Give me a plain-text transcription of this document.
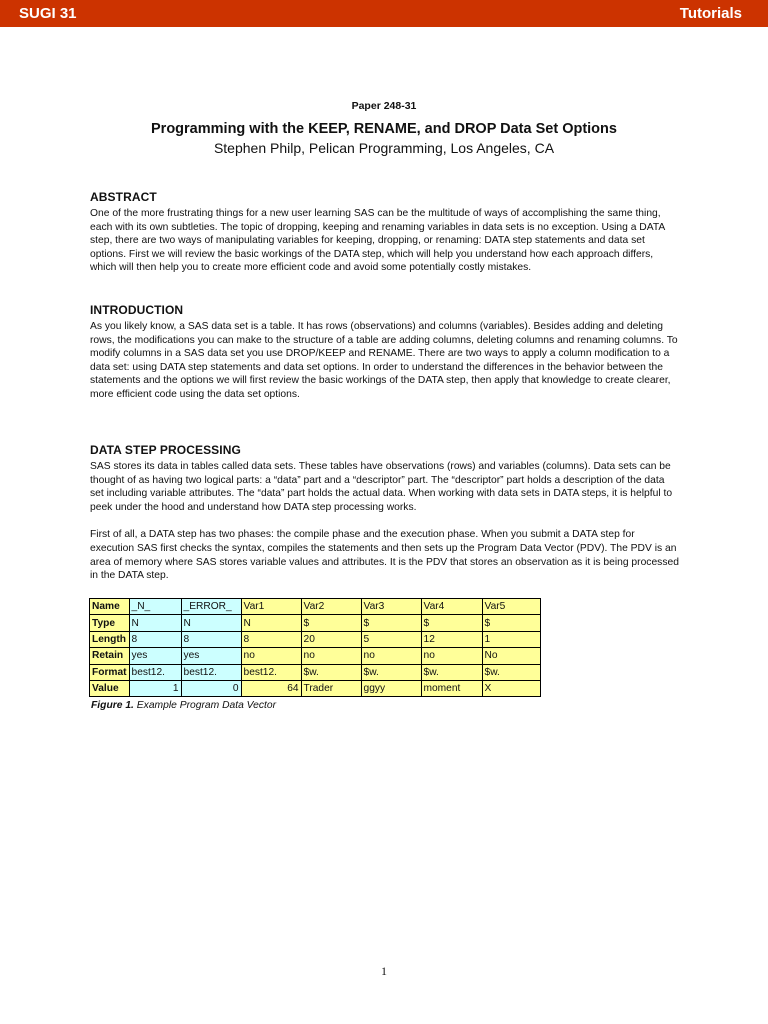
SUGI 31	Tutorials
Paper 248-31
Programming with the KEEP, RENAME, and DROP Data Set Options
Stephen Philp, Pelican Programming, Los Angeles, CA
ABSTRACT

One of the more frustrating things for a new user learning SAS can be the multitude of ways of accomplishing the same thing, each with its own subtleties. The topic of dropping, keeping and renaming variables in data sets is no exception. Using a DATA step, there are two ways of manipulating variables for keeping, dropping, or renaming: DATA step statements and data set options. First we will review the basic workings of the DATA step, which will help you understand how each approach differs, which will then help you to create more efficient code and avoid some potentially costly mistakes.

INTRODUCTION

As you likely know, a SAS data set is a table. It has rows (observations) and columns (variables). Besides adding and deleting rows, the modifications you can make to the structure of a table are adding columns, deleting columns and renaming columns. To modify columns in a SAS data set you use DROP/KEEP and RENAME. There are two ways to apply a column modification to a data set: using DATA step statements and data set options. In order to understand the differences in the behavior between the statements and the options we will first review the basic workings of the DATA step, then apply that knowledge to create clearer, more efficient code using the data set options.

DATA STEP PROCESSING

SAS stores its data in tables called data sets. These tables have observations (rows) and variables (columns). Data sets can be thought of as having two logical parts: a “data” part and a “descriptor” part. The “descriptor” part holds a description of the data set including variable attributes. The “data” part holds the actual data. When working with data sets in DATA steps, it is helpful to peek under the hood and understand how DATA step processing works.

First of all, a DATA step has two phases: the compile phase and the execution phase. When you submit a DATA step for execution SAS first checks the syntax, compiles the statements and then sets up the Program Data Vector (PDV). The PDV is an area of memory where SAS stores variable values and attributes. It is the PDV that stores an observation as it is being processed in the DATA step.

Name	_N_	_ERROR_	Var1	Var2	Var3	Var4	Var5
Type	N	N	N	$	$	$	$
Length	8	8	8	20	5	12	1
Retain	yes	yes	no	no	no	no	No
Format	best12.	best12.	best12.	$w.	$w.	$w.	$w.
Value	1	0	64	Trader	ggyy	moment	X
Figure 1. Example Program Data Vector
1
